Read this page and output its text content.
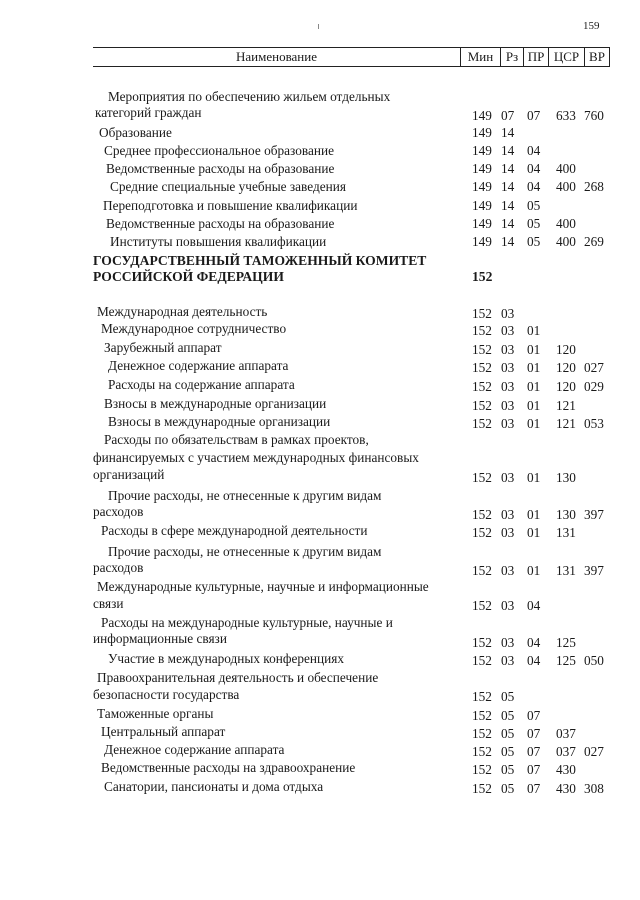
159
Наименование	Мин Рз ПР ЦСР ВР
Мероприятия по обеспечению жильем отдельных
категорий граждан	149 07 07 633 760
Образование	149 14
Среднее профессиональное образование	149 14 04
Ведомственные расходы на образование	149 14 04 400
Средние специальные учебные заведения	149 14 04 400 268
Переподготовка и повышение квалификации	149 14 05
Ведомственные расходы на образование	149 14 05 400
Институты повышения квалификации	149 14 05 400 269
ГОСУДАРСТВЕННЫЙ ТАМОЖЕННЫЙ КОМИТЕТ
РОССИЙСКОЙ ФЕДЕРАЦИИ	152
Международная деятельность	152 03
Международное сотрудничество	152 03 01
Зарубежный аппарат	152 03 01 120
Денежное содержание аппарата	152 03 01 120 027
Расходы на содержание аппарата	152 03 01 120 029
Взносы в международные организации	152 03 01 121
Взносы в международные организации	152 03 01 121 053
Расходы по обязательствам в рамках проектов,
финансируемых с участием международных финансовых
организаций	152 03 01 130
Прочие расходы, не отнесенные к другим видам
расходов	152 03 01 130 397
Расходы в сфере международной деятельности	152 03 01 131
Прочие расходы, не отнесенные к другим видам
расходов	152 03 01 131 397
Международные культурные, научные и информационные
связи	152 03 04
Расходы на международные культурные, научные и
информационные связи	152 03 04 125
Участие в международных конференциях	152 03 04 125 050
Правоохранительная деятельность и обеспечение
безопасности государства	152 05
Таможенные органы	152 05 07
Центральный аппарат	152 05 07 037
Денежное содержание аппарата	152 05 07 037 027
Ведомственные расходы на здравоохранение	152 05 07 430
Санатории, пансионаты и дома отдыха	152 05 07 430 308
